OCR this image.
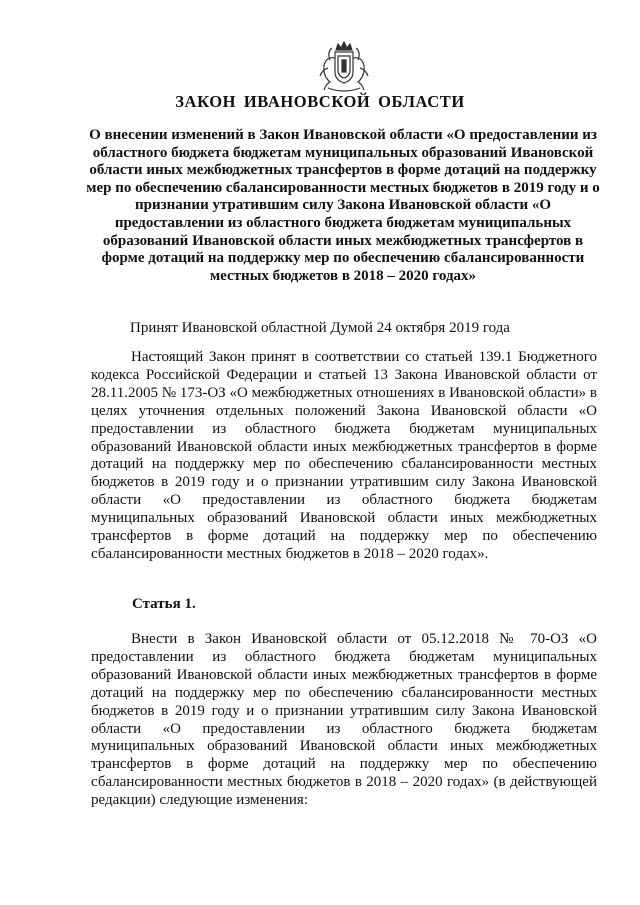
ЗАКОН ИВАНОВСКОЙ ОБЛАСТИ
О внесении изменений в Закон Ивановской области «О предоставлении из областного бюджета бюджетам муниципальных образований Ивановской области иных межбюджетных трансфертов в форме дотаций на поддержку мер по обеспечению сбалансированности местных бюджетов в 2019 году и о признании утратившим силу Закона Ивановской области «О предоставлении из областного бюджета бюджетам муниципальных образований Ивановской области иных межбюджетных трансфертов в форме дотаций на поддержку мер по обеспечению сбалансированности местных бюджетов в 2018 – 2020 годах»
Принят Ивановской областной Думой 24 октября 2019 года

Настоящий Закон принят в соответствии со статьей 139.1 Бюджетного кодекса Российской Федерации и статьей 13 Закона Ивановской области от 28.11.2005 № 173-ОЗ «О межбюджетных отношениях в Ивановской области» в целях уточнения отдельных положений Закона Ивановской области «О предоставлении из областного бюджета бюджетам муниципальных образований Ивановской области иных межбюджетных трансфертов в форме дотаций на поддержку мер по обеспечению сбалансированности местных бюджетов в 2019 году и о признании утратившим силу Закона Ивановской области «О предоставлении из областного бюджета бюджетам муниципальных образований Ивановской области иных межбюджетных трансфертов в форме дотаций на поддержку мер по обеспечению сбалансированности местных бюджетов в 2018 – 2020 годах».

Статья 1.

Внести в Закон Ивановской области от 05.12.2018 № 70-ОЗ «О предоставлении из областного бюджета бюджетам муниципальных образований Ивановской области иных межбюджетных трансфертов в форме дотаций на поддержку мер по обеспечению сбалансированности местных бюджетов в 2019 году и о признании утратившим силу Закона Ивановской области «О предоставлении из областного бюджета бюджетам муниципальных образований Ивановской области иных межбюджетных трансфертов в форме дотаций на поддержку мер по обеспечению сбалансированности местных бюджетов в 2018 – 2020 годах» (в действующей редакции) следующие изменения:
